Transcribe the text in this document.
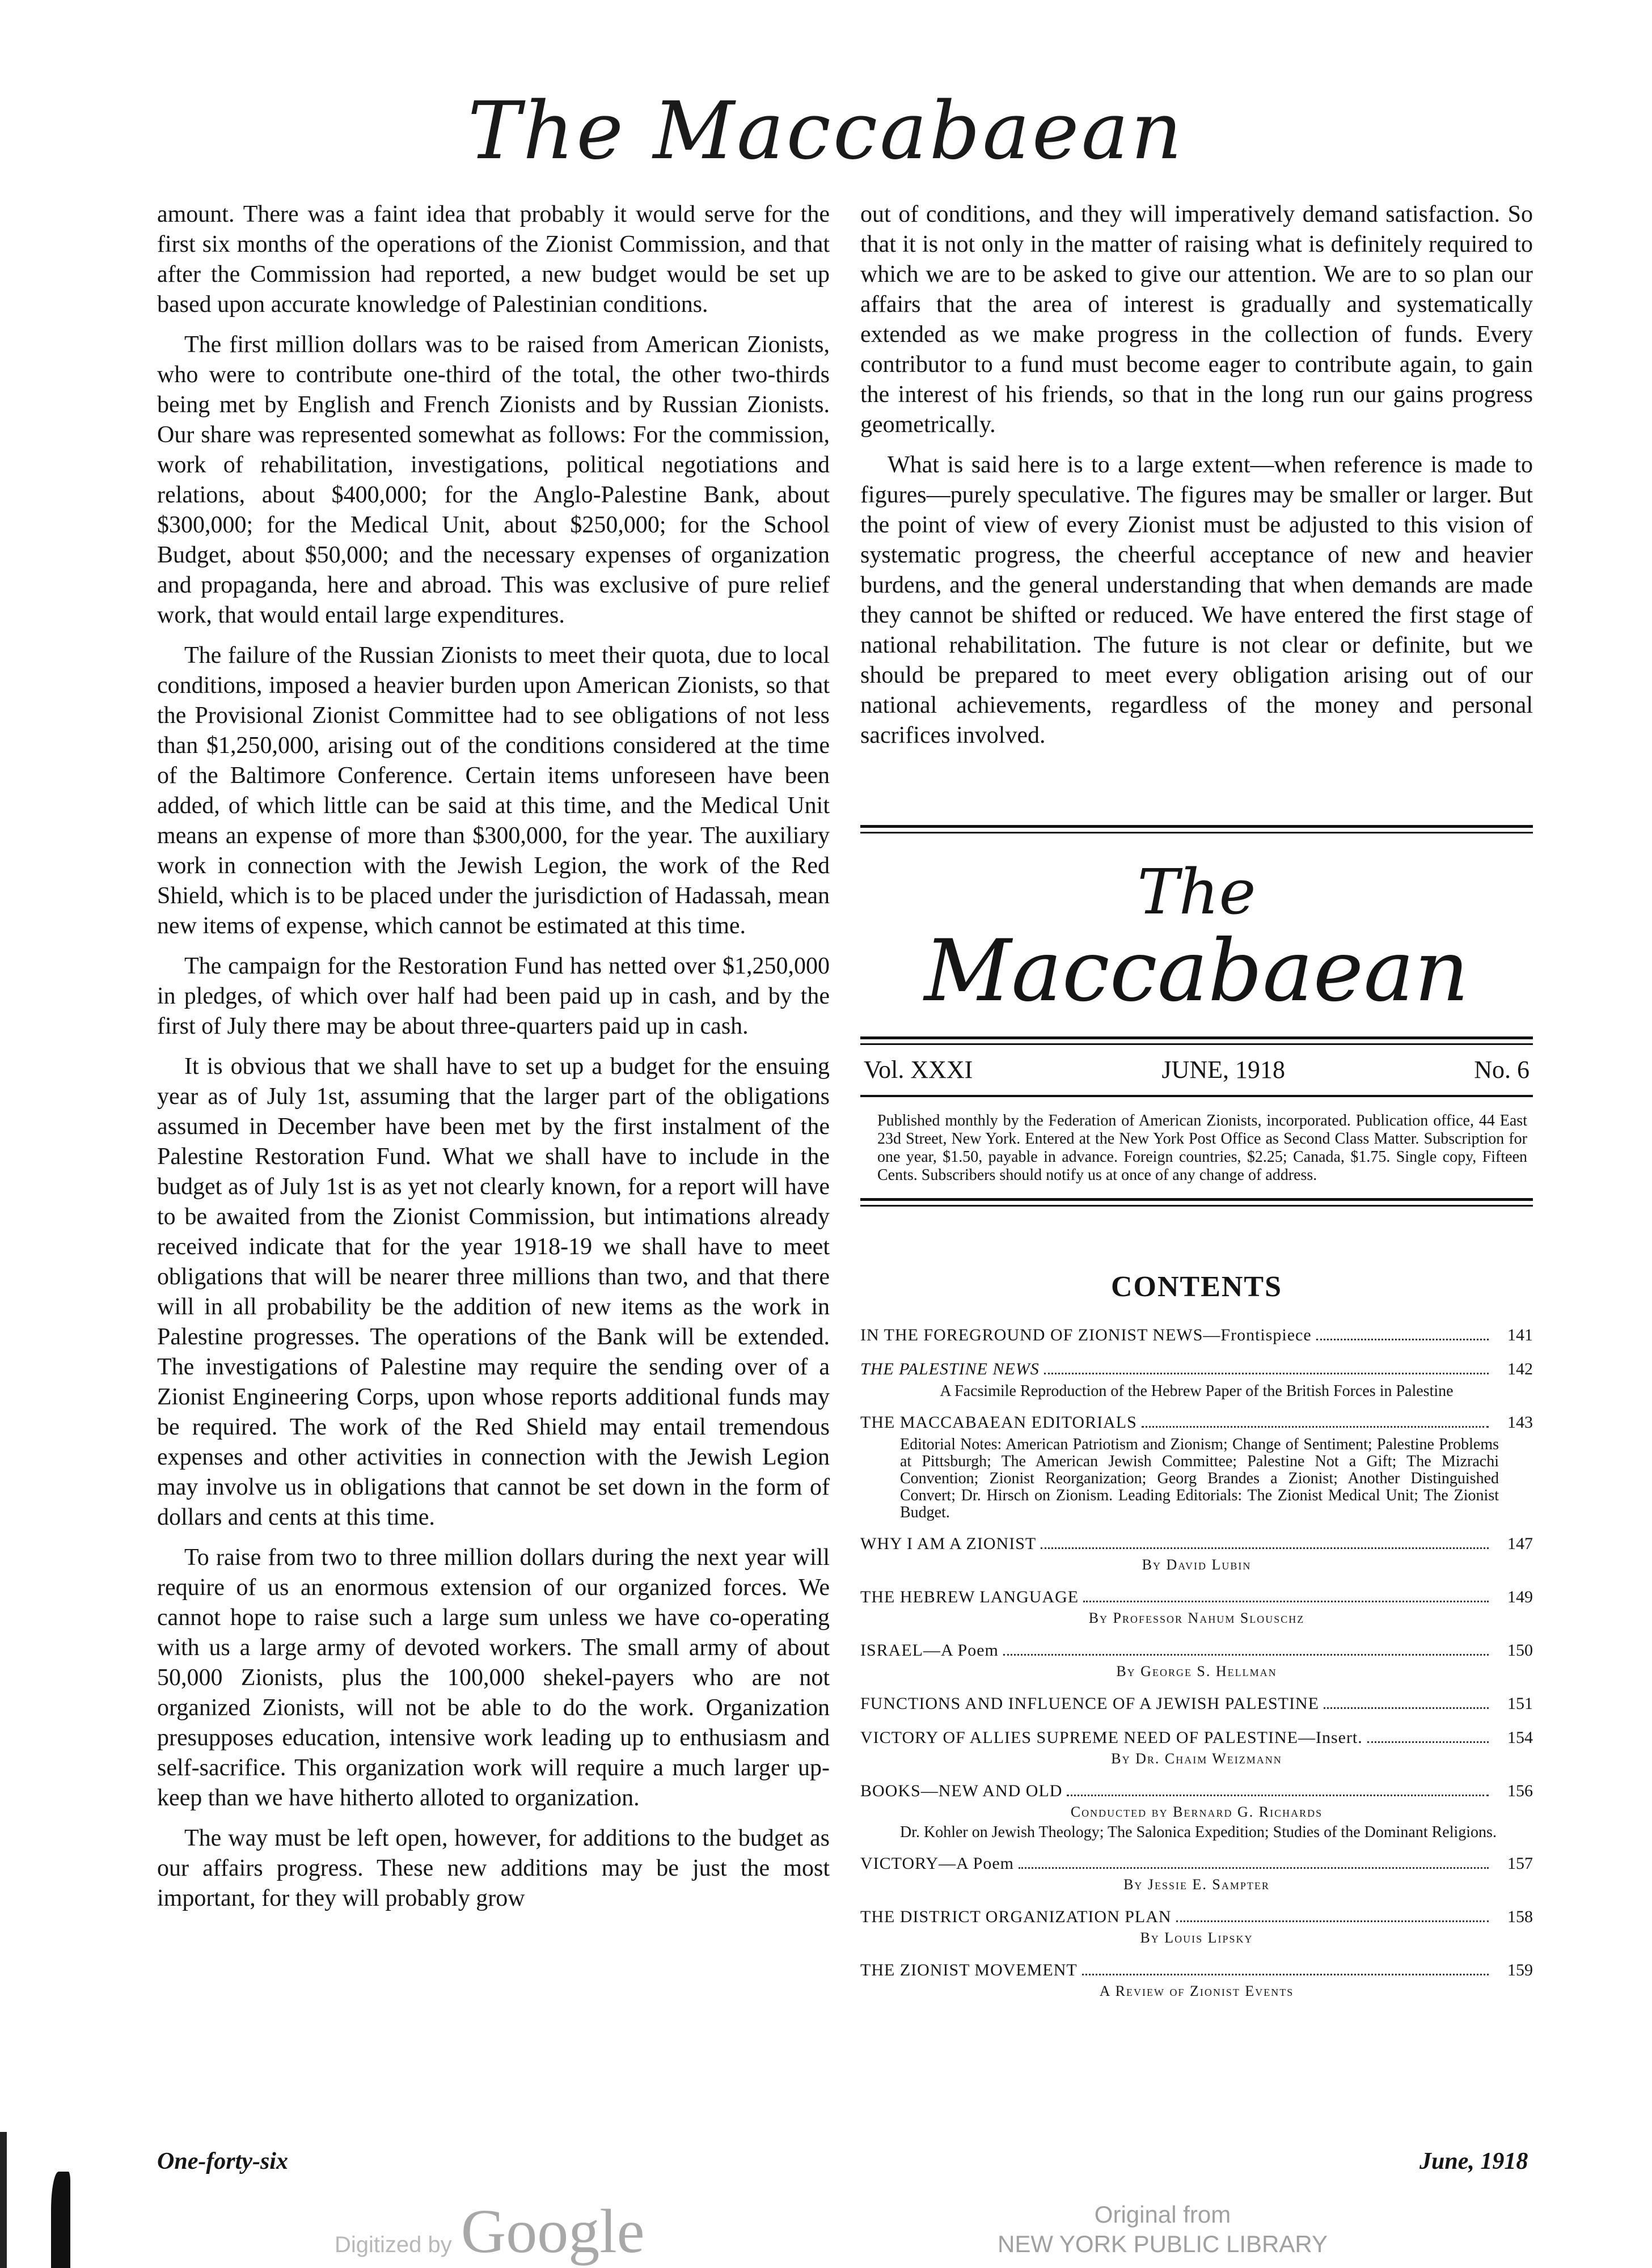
The Maccabaean

amount. There was a faint idea that probably it would serve for the first six months of the operations of the Zionist Commission, and that after the Commission had reported, a new budget would be set up based upon accurate knowledge of Palestinian conditions.

The first million dollars was to be raised from American Zionists, who were to contribute one-third of the total, the other two-thirds being met by English and French Zionists and by Russian Zionists. Our share was represented somewhat as follows: For the commission, work of rehabilitation, investigations, political negotiations and relations, about $400,000; for the Anglo-Palestine Bank, about $300,000; for the Medical Unit, about $250,000; for the School Budget, about $50,000; and the necessary expenses of organization and propaganda, here and abroad. This was exclusive of pure relief work, that would entail large expenditures.

The failure of the Russian Zionists to meet their quota, due to local conditions, imposed a heavier burden upon American Zionists, so that the Provisional Zionist Committee had to see obligations of not less than $1,250,000, arising out of the conditions considered at the time of the Baltimore Conference. Certain items unforeseen have been added, of which little can be said at this time, and the Medical Unit means an expense of more than $300,000, for the year. The auxiliary work in connection with the Jewish Legion, the work of the Red Shield, which is to be placed under the jurisdiction of Hadassah, mean new items of expense, which cannot be estimated at this time.

The campaign for the Restoration Fund has netted over $1,250,000 in pledges, of which over half had been paid up in cash, and by the first of July there may be about three-quarters paid up in cash.

It is obvious that we shall have to set up a budget for the ensuing year as of July 1st, assuming that the larger part of the obligations assumed in December have been met by the first instalment of the Palestine Restoration Fund. What we shall have to include in the budget as of July 1st is as yet not clearly known, for a report will have to be awaited from the Zionist Commission, but intimations already received indicate that for the year 1918-19 we shall have to meet obligations that will be nearer three millions than two, and that there will in all probability be the addition of new items as the work in Palestine progresses. The operations of the Bank will be extended. The investigations of Palestine may require the sending over of a Zionist Engineering Corps, upon whose reports additional funds may be required. The work of the Red Shield may entail tremendous expenses and other activities in connection with the Jewish Legion may involve us in obligations that cannot be set down in the form of dollars and cents at this time.

To raise from two to three million dollars during the next year will require of us an enormous extension of our organized forces. We cannot hope to raise such a large sum unless we have co-operating with us a large army of devoted workers. The small army of about 50,000 Zionists, plus the 100,000 shekel-payers who are not organized Zionists, will not be able to do the work. Organization presupposes education, intensive work leading up to enthusiasm and self-sacrifice. This organization work will require a much larger up-keep than we have hitherto alloted to organization.

The way must be left open, however, for additions to the budget as our affairs progress. These new additions may be just the most important, for they will probably grow

out of conditions, and they will imperatively demand satisfaction. So that it is not only in the matter of raising what is definitely required to which we are to be asked to give our attention. We are to so plan our affairs that the area of interest is gradually and systematically extended as we make progress in the collection of funds. Every contributor to a fund must become eager to contribute again, to gain the interest of his friends, so that in the long run our gains progress geometrically.

What is said here is to a large extent—when reference is made to figures—purely speculative. The figures may be smaller or larger. But the point of view of every Zionist must be adjusted to this vision of systematic progress, the cheerful acceptance of new and heavier burdens, and the general understanding that when demands are made they cannot be shifted or reduced. We have entered the first stage of national rehabilitation. The future is not clear or definite, but we should be prepared to meet every obligation arising out of our national achievements, regardless of the money and personal sacrifices involved.

The
Maccabaean
Vol. XXXI	JUNE, 1918	No. 6
Published monthly by the Federation of American Zionists, incorporated. Publication office, 44 East 23d Street, New York. Entered at the New York Post Office as Second Class Matter. Subscription for one year, $1.50, payable in advance. Foreign countries, $2.25; Canada, $1.75. Single copy, Fifteen Cents. Subscribers should notify us at once of any change of address.
CONTENTS
IN THE FOREGROUND OF ZIONIST NEWS—Frontispiece	141
THE PALESTINE NEWS	142
A Facsimile Reproduction of the Hebrew Paper of the British Forces in Palestine
THE MACCABAEAN EDITORIALS	143
Editorial Notes: American Patriotism and Zionism; Change of Sentiment; Palestine Problems at Pittsburgh; The American Jewish Committee; Palestine Not a Gift; The Mizrachi Convention; Zionist Reorganization; Georg Brandes a Zionist; Another Distinguished Convert; Dr. Hirsch on Zionism. Leading Editorials: The Zionist Medical Unit; The Zionist Budget.
WHY I AM A ZIONIST	147
By David Lubin
THE HEBREW LANGUAGE	149
By Professor Nahum Slouschz
ISRAEL—A Poem	150
By George S. Hellman
FUNCTIONS AND INFLUENCE OF A JEWISH PALESTINE	151
VICTORY OF ALLIES SUPREME NEED OF PALESTINE—Insert.	154
By Dr. Chaim Weizmann
BOOKS—NEW AND OLD	156
Conducted by Bernard G. Richards
Dr. Kohler on Jewish Theology; The Salonica Expedition; Studies of the Dominant Religions.
VICTORY—A Poem	157
By Jessie E. Sampter
THE DISTRICT ORGANIZATION PLAN	158
By Louis Lipsky
THE ZIONIST MOVEMENT	159
A Review of Zionist Events
One-forty-six	June, 1918
Digitized by Google	Original from
NEW YORK PUBLIC LIBRARY
